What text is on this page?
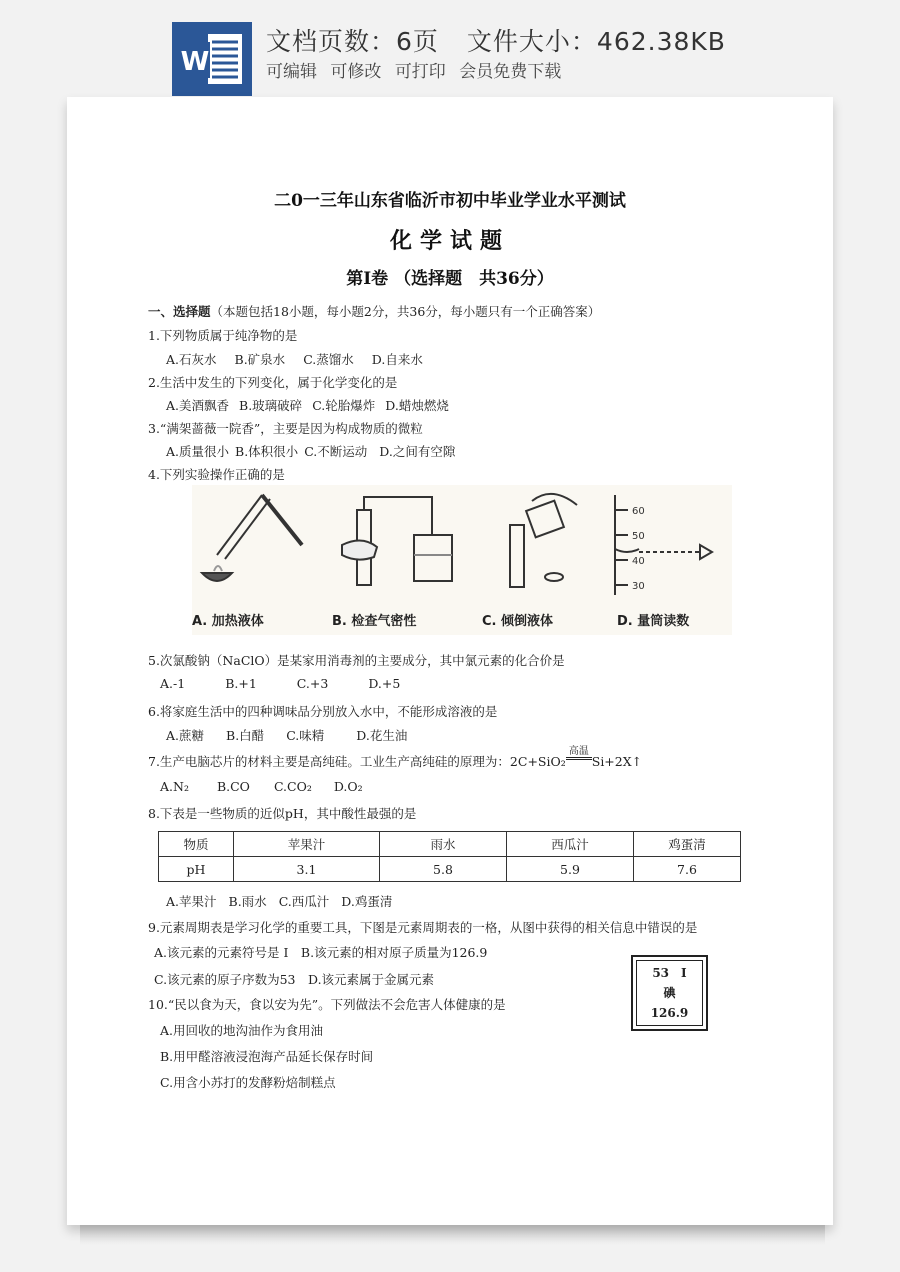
W
文档页数：6页 文件大小：462.38KB
可编辑 可修改 可打印 会员免费下载
二0一三年山东省临沂市初中毕业学业水平测试
化学试题
第Ⅰ卷 （选择题　共36分）
一、选择题（本题包括18小题，每小题2分，共36分，每小题只有一个正确答案）
1.下列物质属于纯净物的是
A.石灰水 B.矿泉水 C.蒸馏水 D.自来水
2.生活中发生的下列变化，属于化学变化的是
A.美酒飘香 B.玻璃破碎 C.轮胎爆炸 D.蜡烛燃烧
3.“满架蔷薇一院香”，主要是因为构成物质的微粒
A.质量很小 B.体积很小 C.不断运动 D.之间有空隙
4.下列实验操作正确的是
60
50
40
30
A. 加热液体	B. 检查气密性	C. 倾倒液体	D. 量筒读数
5.次氯酸钠（NaClO）是某家用消毒剂的主要成分，其中氯元素的化合价是
A.-1	B.+1	C.+3	D.+5
6.将家庭生活中的四种调味品分别放入水中，不能形成溶液的是
A.蔗糖 B.白醋 C.味精	D.花生油
7.生产电脑芯片的材料主要是高纯硅。工业生产高纯硅的原理为：2C+SiO₂高温Si+2X↑
A.N₂ B.CO C.CO₂ D.O₂
8.下表是一些物质的近似pH，其中酸性最强的是
物质	苹果汁	雨水	西瓜汁	鸡蛋清
pH	3.1	5.8	5.9	7.6
A.苹果汁 B.雨水 C.西瓜汁 D.鸡蛋清
9.元素周期表是学习化学的重要工具，下图是元素周期表的一格，从图中获得的相关信息中错误的是
A.该元素的元素符号是 I　B.该元素的相对原子质量为126.9
C.该元素的原子序数为53　D.该元素属于金属元素	53　I
碘
126.9
10.“民以食为天，食以安为先”。下列做法不会危害人体健康的是
A.用回收的地沟油作为食用油
B.用甲醛溶液浸泡海产品延长保存时间
C.用含小苏打的发酵粉焙制糕点
